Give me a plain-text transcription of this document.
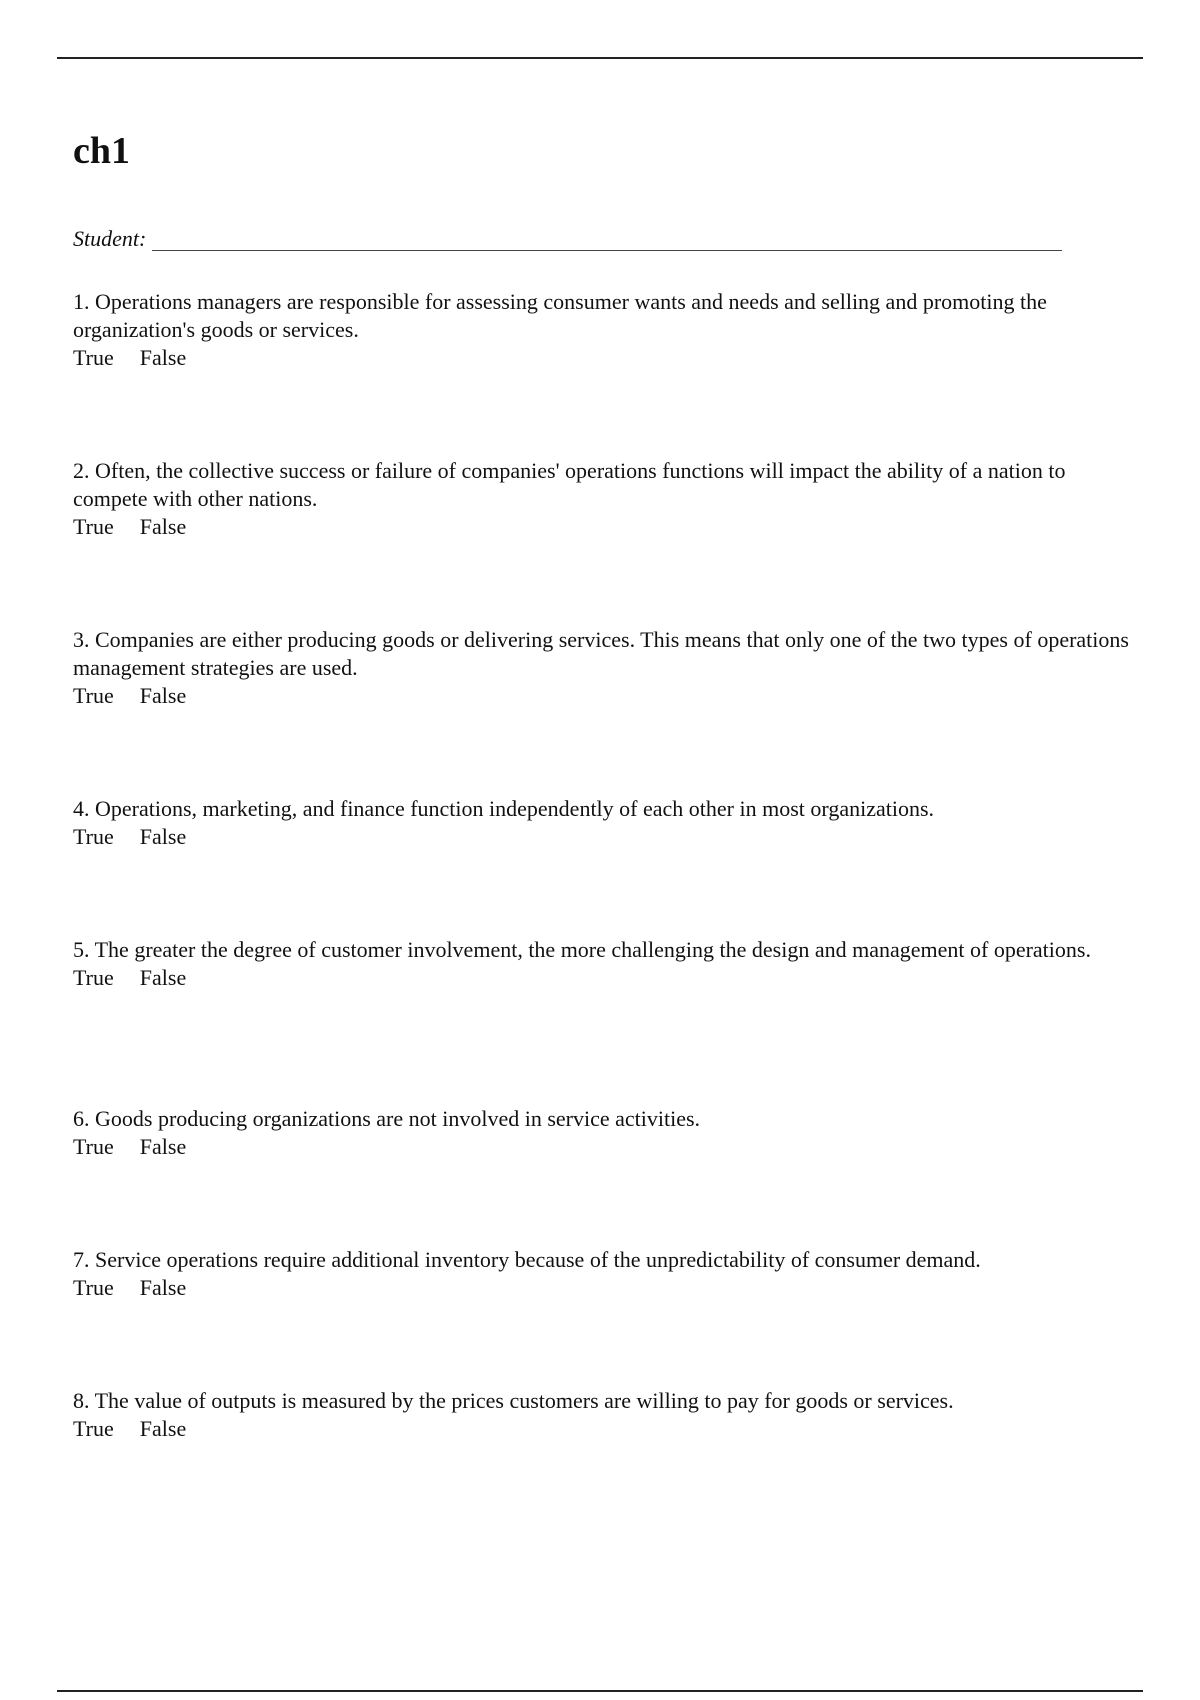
ch1
Student:

1. Operations managers are responsible for assessing consumer wants and needs and selling and promoting the organization's goods or services.

True False

2. Often, the collective success or failure of companies' operations functions will impact the ability of a nation to compete with other nations.

True False

3. Companies are either producing goods or delivering services. This means that only one of the two types of operations management strategies are used.

True False

4. Operations, marketing, and finance function independently of each other in most organizations.

True False

5. The greater the degree of customer involvement, the more challenging the design and management of operations.

True False

6. Goods producing organizations are not involved in service activities.

True False

7. Service operations require additional inventory because of the unpredictability of consumer demand.

True False

8. The value of outputs is measured by the prices customers are willing to pay for goods or services.

True False
